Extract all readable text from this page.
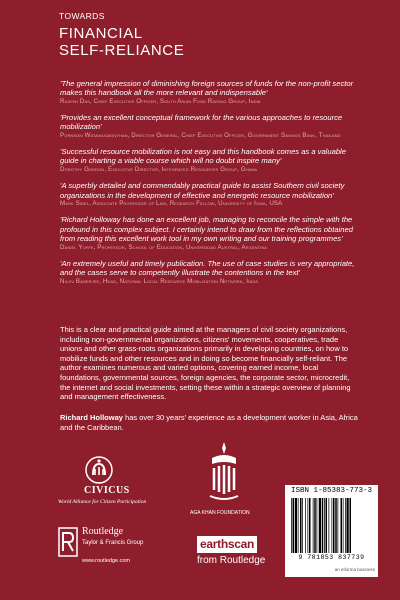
TOWARDS
FINANCIAL
SELF-RELIANCE
'The general impression of diminishing foreign sources of funds for the non-profit sector makes this handbook all the more relevant and indispensable'
Rajesh Das, Chief Executive Officer, South Asian Fund Raising Group, India
'Provides an excellent conceptual framework for the various approaches to resource mobilization'
Pornsom Watanasakinthan, Director General, Chief Executive Officer, Government Savings Bank, Thailand
'Successful resource mobilization is not easy and this handbook comes as a valuable guide in charting a viable course which will no doubt inspire many'
Dorothy Gordon, Executive Director, Integrated Resources Group, Ghana
'A superbly detailed and commendably practical guide to assist Southern civil society organizations in the development of effective and energetic resource mobilization'
Mark Sidel, Associate Professor of Law, Research Fellow, University of Iowa, USA
'Richard Holloway has done an excellent job, managing to reconcile the simple with the profound in this complex subject. I certainly intend to draw from the reflections obtained from reading this excellent work tool in my own writing and our training programmes'
Daniel Yoffe, Professor, School of Education, Universidad Austral, Argentina
'An extremely useful and timely publication. The use of case studies is very appropriate, and the cases serve to competently illustrate the contentions in the text'
Nilov Banerjee, Head, National Local Resource Mobilization Network, India
This is a clear and practical guide aimed at the managers of civil society organizations, including non-governmental organizations, citizens' movements, cooperatives, trade unions and other grass-roots organizations primarily in developing countries, on how to mobilize funds and other resources and in doing so become financially self-reliant. The author examines numerous and varied options, covering earned income, local foundations, governmental sources, foreign agencies, the corporate sector, microcredit, the internet and social investments, setting these within a strategic overview of planning and management effectiveness.
Richard Holloway has over 30 years' experience as a development worker in Asia, Africa and the Caribbean.
CIVICUS
World Alliance for Citizen Participation
AGA KHAN FOUNDATION
ISBN 1-85383-773-3
9 781853 837739
an informa business
Routledge
Taylor & Francis Group
www.routledge.com
earthscan
from Routledge
